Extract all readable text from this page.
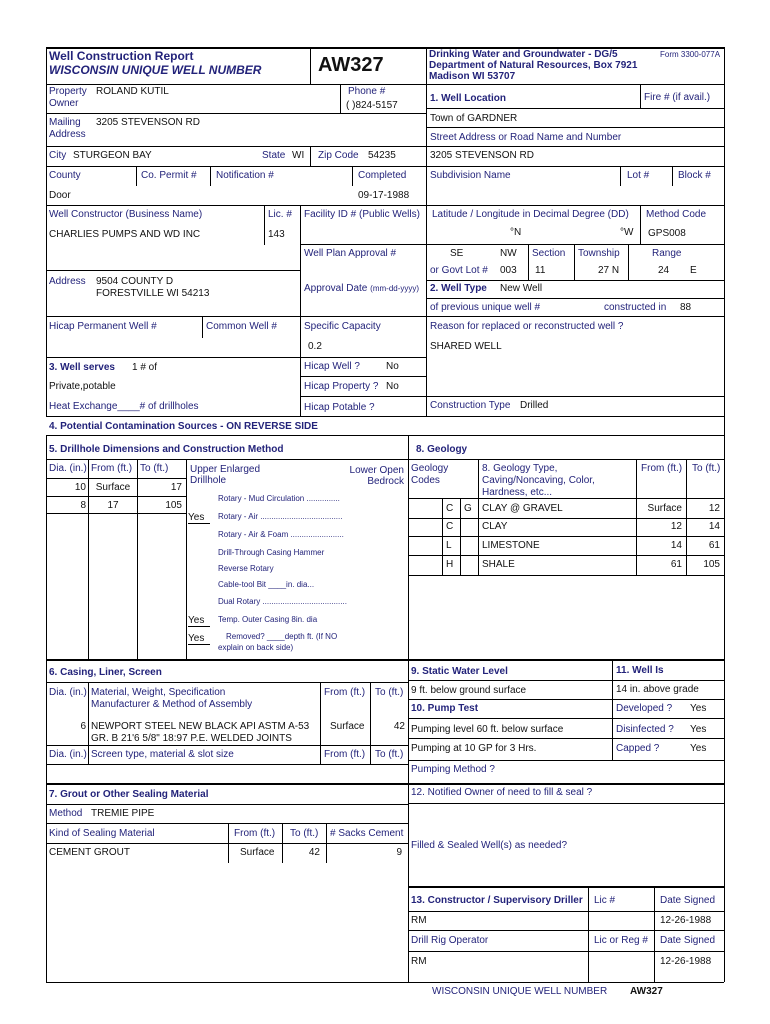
Well Construction Report
WISCONSIN UNIQUE WELL NUMBER	AW327	Drinking Water and Groundwater - DG/5
Department of Natural Resources, Box 7921
Madison WI 53707
Form 3300-077A
Property
Owner
ROLAND KUTIL	Phone #
( )824-5157
Mailing
Address
3205 STEVENSON RD
City STURGEON BAY	State WI Zip Code 54235
County	Co. Permit # Notification #	Completed
Door	09-17-1988
1. Well Location	Fire # (if avail.)
Town of GARDNER
Street Address or Road Name and Number
3205 STEVENSON RD
Subdivision Name	Lot #	Block #
Latitude / Longitude in Decimal Degree (DD) Method Code
°N	°W GPS008
SE	NW Section Township	Range
or Govt Lot # 003 11	27 N	24 E
Well Constructor (Business Name)	Lic. # Facility ID # (Public Wells)
CHARLIES PUMPS AND WD INC	143
Well Plan Approval #
Address 9504 COUNTY D
FORESTVILLE WI 54213	Approval Date (mm-dd-yyyy)
Hicap Permanent Well #	Common Well #	Specific Capacity
0.2
2. Well Type New Well
of previous unique well #	constructed in 88
Reason for replaced or reconstructed well ?
SHARED WELL
Construction Type Drilled
3. Well serves 1 # of
Private,potable
Heat Exchange____# of drillholes
Hicap Well ?	No
Hicap Property ? No
Hicap Potable ?
4. Potential Contamination Sources - ON REVERSE SIDE
5. Drillhole Dimensions and Construction Method
Dia. (in.) From (ft.) To (ft.) Upper Enlarged
Drillhole
Lower Open
Bedrock
10 Surface	17
8	17	105
Rotary - Mud Circulation ...............
Yes Rotary - Air .....................................
Rotary - Air & Foam ........................
Drill-Through Casing Hammer
Reverse Rotary
Cable-tool Bit ____in. dia...
Dual Rotary ......................................
Yes Temp. Outer Casing 8in. dia
Yes	Removed? ____depth ft. (If NO
explain on back side)
8. Geology
Geology
Codes
8. Geology Type,
Caving/Noncaving, Color,
Hardness, etc...
From (ft.) To (ft.)
C G CLAY @ GRAVEL	Surface	12
C	CLAY	12	14
L	LIMESTONE	14	61
H	SHALE	61	105
6. Casing, Liner, Screen
Dia. (in.) Material, Weight, Specification
Manufacturer & Method of Assembly
From (ft.) To (ft.)
6 NEWPORT STEEL NEW BLACK API ASTM A-53
GR. B 21'6 5/8" 18:97 P.E. WELDED JOINTS
Surface	42
Dia. (in.) Screen type, material & slot size	From (ft.) To (ft.)
9. Static Water Level
9 ft. below ground surface
10. Pump Test
Pumping level 60 ft. below surface
Pumping at 10 GP for 3 Hrs.
Pumping Method ?
11. Well Is
14 in. above grade
Developed ? Yes
Disinfected ? Yes
Capped ?	Yes
7. Grout or Other Sealing Material
Method TREMIE PIPE
Kind of Sealing Material	From (ft.) To (ft.) # Sacks Cement
CEMENT GROUT	Surface	42	9
12. Notified Owner of need to fill & seal ?
Filled & Sealed Well(s) as needed?
13. Constructor / Supervisory Driller Lic #	Date Signed
RM	12-26-1988
Drill Rig Operator	Lic or Reg # Date Signed
RM	12-26-1988
WISCONSIN UNIQUE WELL NUMBER AW327
